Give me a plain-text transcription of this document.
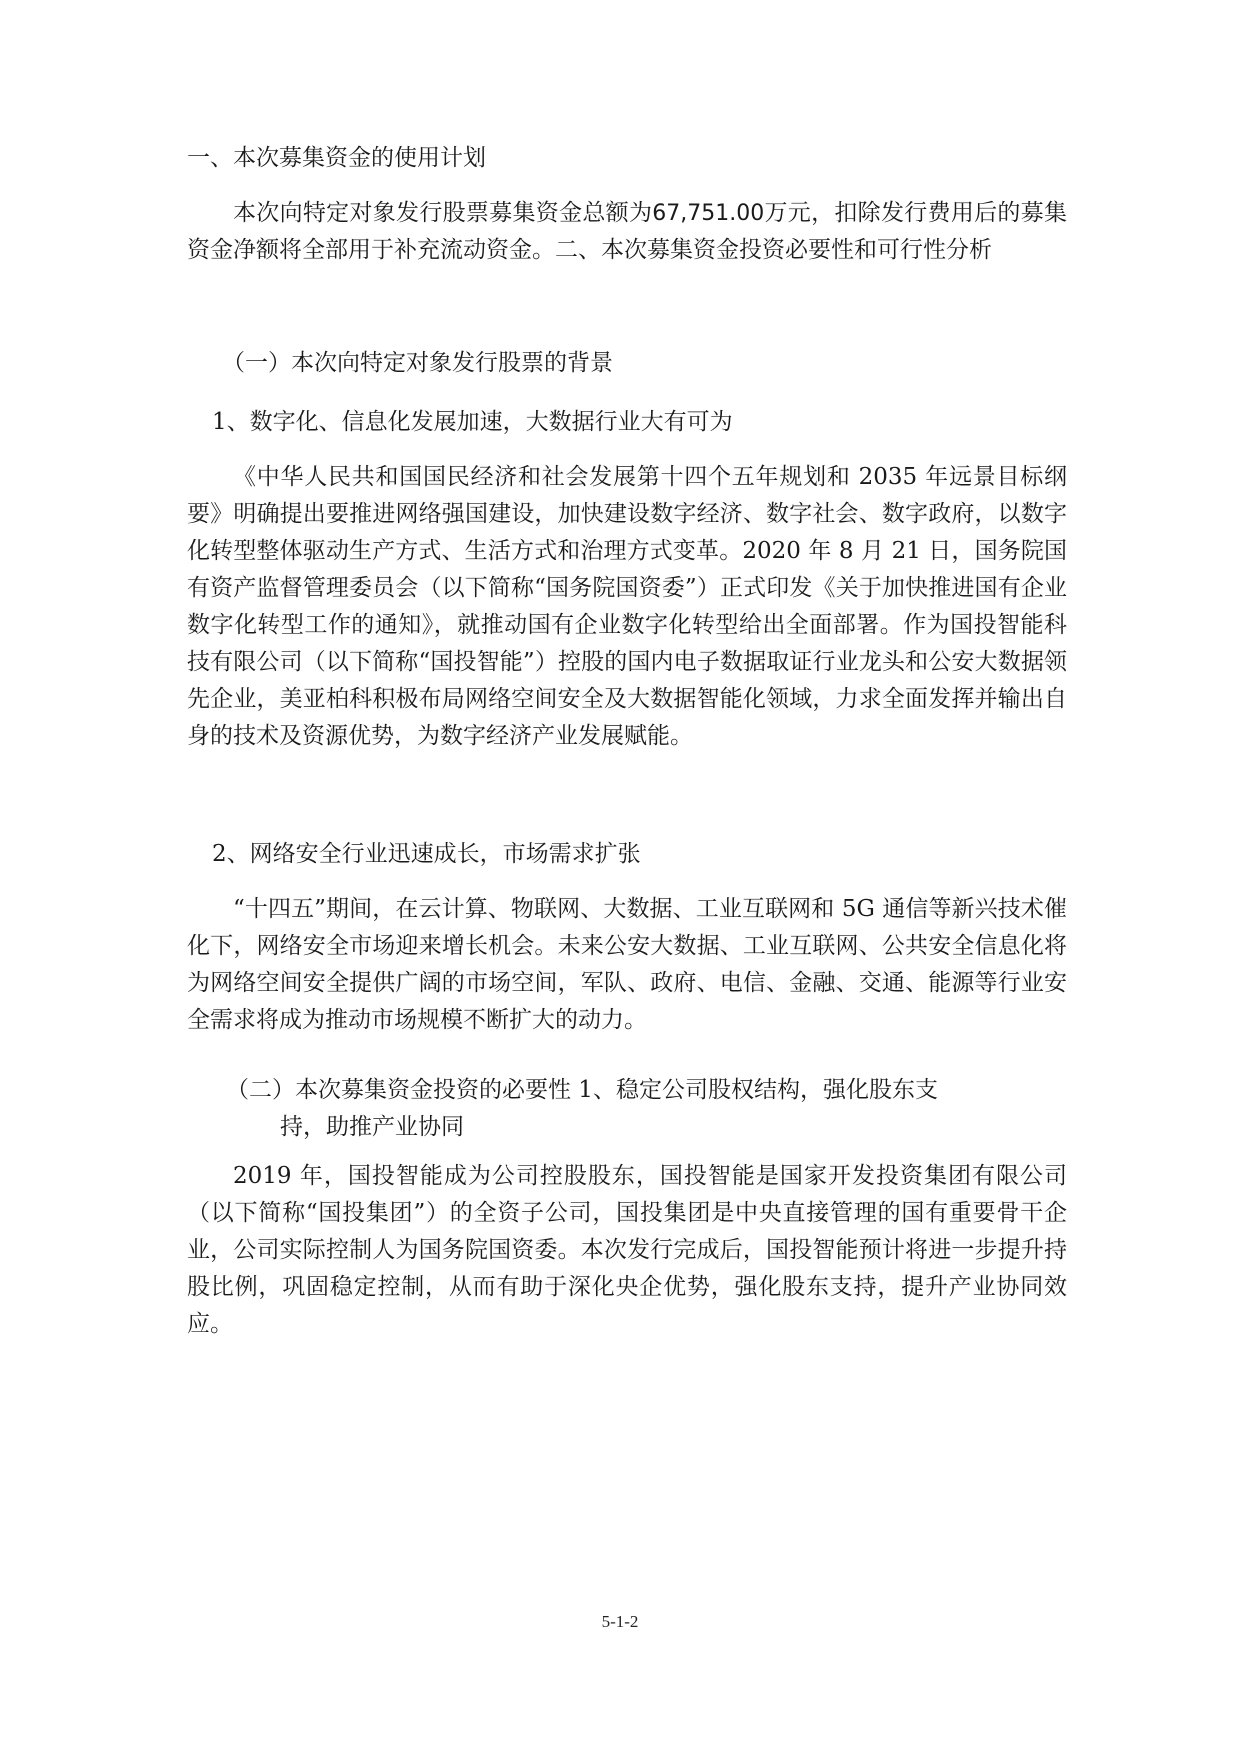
一、本次募集资金的使用计划

本次向特定对象发行股票募集资金总额为67,751.00万元，扣除发行费用后的募集资金净额将全部用于补充流动资金。二、本次募集资金投资必要性和可行性分析

（一）本次向特定对象发行股票的背景

1、数字化、信息化发展加速，大数据行业大有可为

《中华人民共和国国民经济和社会发展第十四个五年规划和 2035 年远景目标纲要》明确提出要推进网络强国建设，加快建设数字经济、数字社会、数字政府，以数字化转型整体驱动生产方式、生活方式和治理方式变革。2020 年 8 月 21 日，国务院国有资产监督管理委员会（以下简称“国务院国资委”）正式印发《关于加快推进国有企业数字化转型工作的通知》，就推动国有企业数字化转型给出全面部署。作为国投智能科技有限公司（以下简称“国投智能”）控股的国内电子数据取证行业龙头和公安大数据领先企业，美亚柏科积极布局网络空间安全及大数据智能化领域，力求全面发挥并输出自身的技术及资源优势，为数字经济产业发展赋能。

2、网络安全行业迅速成长，市场需求扩张

“十四五”期间，在云计算、物联网、大数据、工业互联网和 5G 通信等新兴技术催化下，网络安全市场迎来增长机会。未来公安大数据、工业互联网、公共安全信息化将为网络空间安全提供广阔的市场空间，军队、政府、电信、金融、交通、能源等行业安全需求将成为推动市场规模不断扩大的动力。

（二）本次募集资金投资的必要性 1、稳定公司股权结构，强化股东支持，助推产业协同

2019 年，国投智能成为公司控股股东，国投智能是国家开发投资集团有限公司（以下简称“国投集团”）的全资子公司，国投集团是中央直接管理的国有重要骨干企业，公司实际控制人为国务院国资委。本次发行完成后，国投智能预计将进一步提升持股比例，巩固稳定控制，从而有助于深化央企优势，强化股东支持，提升产业协同效应。

5-1-2
